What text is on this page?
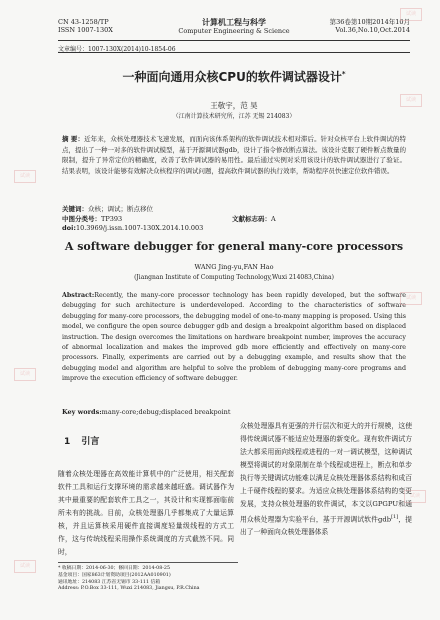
CN 43-1258/TP
ISSN 1007-130X
计算机工程与科学
Computer Engineering & Science
第36卷第10期2014年10月
Vol.36,No.10,Oct.2014
文章编号：1007-130X(2014)10-1854-06
一种面向通用众核CPU的软件调试器设计*
王敬宇，范 昊
（江南计算技术研究所，江苏 无锡 214083）
摘 要：近年来，众核处理器技术飞速发展，而面向该体系架构的软件调试技术相对滞后。针对众核平台上软件调试的特点，提出了一种一对多的软件调试模型，基于开源调试器gdb，设计了指令修改断点算法。该设计克服了硬件断点数量的限制，提升了异常定位的精确度，改善了软件调试器的易用性。最后通过实例对采用该设计的软件调试器进行了验证。结果表明，该设计能够有效解决众核程序的调试问题，提高软件调试器的执行效率，帮助程序员快速定位软件错误。
关键词：众核；调试；断点移位
中图分类号：TP393	文献标志码：A
doi:10.3969/j.issn.1007-130X.2014.10.003
A software debugger for general many-core processors
WANG Jing-yu,FAN Hao
(Jiangnan Institute of Computing Technology,Wuxi 214083,China)
Abstract:Recently, the many-core processor technology has been rapidly developed, but the software debugging for such architecture is underdeveloped. According to the characteristics of software debugging for many-core processors, the debugging model of one-to-many mapping is proposed. Using this model, we configure the open source debugger gdb and design a breakpoint algorithm based on displaced instruction. The design overcomes the limitations on hardware breakpoint number, improves the accuracy of abnormal localization and makes the improved gdb more efficiently and effectively on many-core processors. Finally, experiments are carried out by a debugging example, and results show that the debugging model and algorithm are helpful to solve the problem of debugging many-core programs and improve the execution efficiency of software debugger.
Key words:many-core;debug;displaced breakpoint
1 引言
随着众核处理器在高效能计算机中的广泛使用，相关配套软件工具和运行支撑环境的需求越来越旺盛。调试器作为其中最重要的配套软件工具之一，其设计和实现都面临前所未有的挑战。目前，众核处理器几乎都集成了大量运算核，并且运算核采用硬件直接调度轻量级线程的方式工作，这与传统线程采用操作系统调度的方式截然不同。同时，
众核处理器具有更强的并行层次和更大的并行规模，这使得传统调试器不能适应处理器的新变化。现有软件调试方法大都采用面向线程或进程的一对一调试模型，这种调试模型将调试的对象限制在单个线程或进程上，断点和单步执行等关键调试功能难以满足众核处理器体系结构和成百上千硬件线程的要求。为适应众核处理器体系结构的变更发展，支持众核处理器的软件调试，本文以GPGPU和通用众核处理器为实验平台，基于开源调试软件gdb[1]，提出了一种面向众核处理器体系
* 收稿日期：2014-06-30；修回日期：2014-08-25
基金项目：国家863计划资助项目(2012AA010901)
通讯地址：214083 江苏省无锡市 33-111 信箱
Address: P.O.Box 33-111, Wuxi 214083, Jiangsu, P.R.China
试读
试读
试读
试读
试读
试读
试读
